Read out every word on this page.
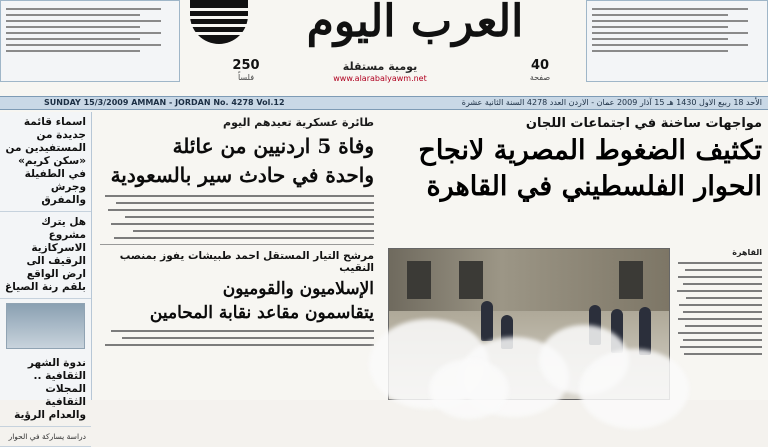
العرب اليوم
250
فلساً
يومية مستقلة
www.alarabalyawm.net
40
صفحة
SUNDAY 15/3/2009 AMMAN - JORDAN No. 4278 Vol.12	الأحد 18 ربيع الاول 1430 هـ 15 آذار 2009 عمان - الاردن العدد 4278 السنة الثانية عشرة
اسماء قائمة جديدة من المستفيدين من «سكن كريم» في الطفيلة وجرش والمفرق
هل يترك مشروع الاسركازية الرقيف الى ارض الواقع بلقم رنة الصياغ
ندوة الشهر الثقافية .. المجلات الثقافية والعدام الرؤية
دراسة يساركة في الحوار
طائرة عسكرية تعيدهم اليوم
وفاة 5 اردنيين من عائلة
واحدة في حادث سير بالسعودية
مرشح التيار المستقل احمد طبيشات يفوز بمنصب النقيب
الإسلاميون والقوميون
يتقاسمون مقاعد نقابة المحامين
مواجهات ساخنة في اجتماعات اللجان
تكثيف الضغوط المصرية لانجاح
الحوار الفلسطيني في القاهرة
القاهرة
